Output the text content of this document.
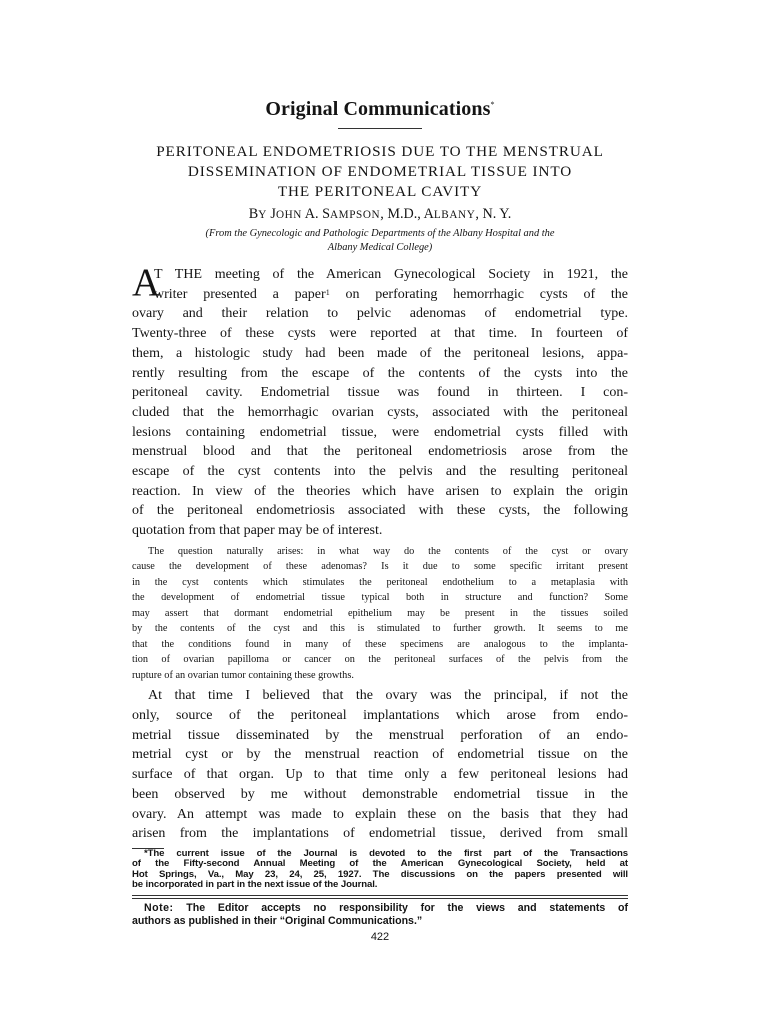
Original Communications*
PERITONEAL ENDOMETRIOSIS DUE TO THE MENSTRUAL
DISSEMINATION OF ENDOMETRIAL TISSUE INTO
THE PERITONEAL CAVITY
BY JOHN A. SAMPSON, M.D., ALBANY, N. Y.
(From the Gynecologic and Pathologic Departments of the Albany Hospital and the
Albany Medical College)
A
T THE meeting of the American Gynecological Society in 1921, the
writer presented a paper$^1$ on perforating hemorrhagic cysts of the
ovary and their relation to pelvic adenomas of endometrial type.
Twenty-three of these cysts were reported at that time. In fourteen of
them, a histologic study had been made of the peritoneal lesions, appa-
rently resulting from the escape of the contents of the cysts into the
peritoneal cavity. Endometrial tissue was found in thirteen. I con-
cluded that the hemorrhagic ovarian cysts, associated with the peritoneal
lesions containing endometrial tissue, were endometrial cysts filled with
menstrual blood and that the peritoneal endometriosis arose from the
escape of the cyst contents into the pelvis and the resulting peritoneal
reaction. In view of the theories which have arisen to explain the origin
of the peritoneal endometriosis associated with these cysts, the following
quotation from that paper may be of interest.
The question naturally arises: in what way do the contents of the cyst or ovary
cause the development of these adenomas? Is it due to some specific irritant present
in the cyst contents which stimulates the peritoneal endothelium to a metaplasia with
the development of endometrial tissue typical both in structure and function? Some
may assert that dormant endometrial epithelium may be present in the tissues soiled
by the contents of the cyst and this is stimulated to further growth. It seems to me
that the conditions found in many of these specimens are analogous to the implanta-
tion of ovarian papilloma or cancer on the peritoneal surfaces of the pelvis from the
rupture of an ovarian tumor containing these growths.
At that time I believed that the ovary was the principal, if not the
only, source of the peritoneal implantations which arose from endo-
metrial tissue disseminated by the menstrual perforation of an endo-
metrial cyst or by the menstrual reaction of endometrial tissue on the
surface of that organ. Up to that time only a few peritoneal lesions had
been observed by me without demonstrable endometrial tissue in the
ovary. An attempt was made to explain these on the basis that they had
arisen from the implantations of endometrial tissue, derived from small
*The current issue of the Journal is devoted to the first part of the Transactions
of the Fifty-second Annual Meeting of the American Gynecological Society, held at
Hot Springs, Va., May 23, 24, 25, 1927. The discussions on the papers presented will
be incorporated in part in the next issue of the Journal.
Note: The Editor accepts no responsibility for the views and statements of
authors as published in their “Original Communications.”
422
